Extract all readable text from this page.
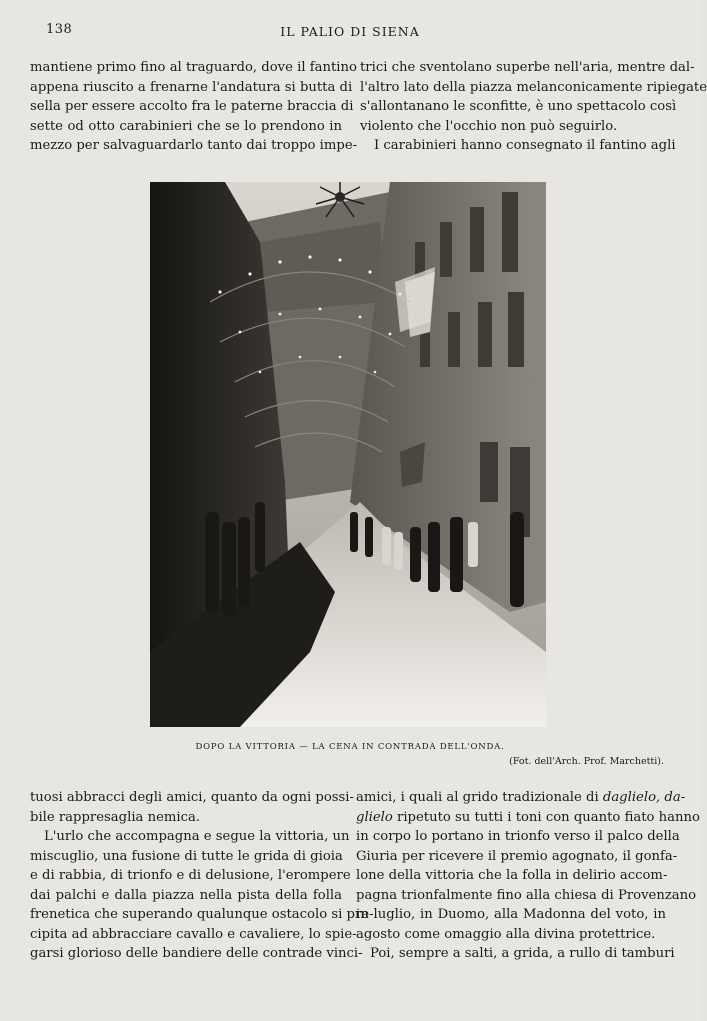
138	IL PALIO DI SIENA
mantiene primo fino al traguardo, dove il fantino
appena riuscito a frenarne l'andatura si butta di
sella per essere accolto fra le paterne braccia di
sette od otto carabinieri che se lo prendono in
mezzo per salvaguardarlo tanto dai troppo impe-
trici che sventolano superbe nell'aria, mentre dal-
l'altro lato della piazza melanconicamente ripiegate
s'allontanano le sconfitte, è uno spettacolo così
violento che l'occhio non può seguirlo.
I carabinieri hanno consegnato il fantino agli
DOPO LA VITTORIA — LA CENA IN CONTRADA DELL'ONDA.
(Fot. dell'Arch. Prof. Marchetti).
tuosi abbracci degli amici, quanto da ogni possi-
bile rappresaglia nemica.
L'urlo che accompagna e segue la vittoria, un
miscuglio, una fusione di tutte le grida di gioia
e di rabbia, di trionfo e di delusione, l'erompere
dai palchi e dalla piazza nella pista della folla
frenetica che superando qualunque ostacolo si pre-
cipita ad abbracciare cavallo e cavaliere, lo spie-
garsi glorioso delle bandiere delle contrade vinci-
amici, i quali al grido tradizionale di daglielo, da-
glielo ripetuto su tutti i toni con quanto fiato hanno
in corpo lo portano in trionfo verso il palco della
Giuria per ricevere il premio agognato, il gonfa-
lone della vittoria che la folla in delirio accom-
pagna trionfalmente fino alla chiesa di Provenzano
in luglio, in Duomo, alla Madonna del voto, in
agosto come omaggio alla divina protettrice.
Poi, sempre a salti, a grida, a rullo di tamburi
